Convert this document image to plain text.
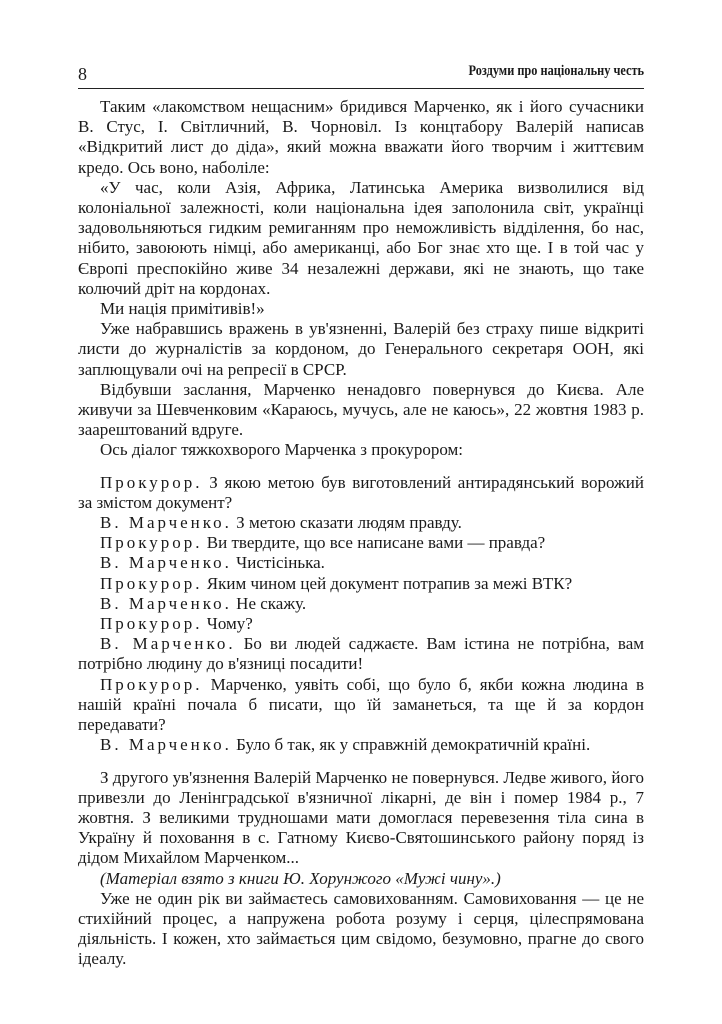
8	Роздуми про національну честь

Таким «лакомством нещасним» бридився Марченко, як і його сучасники В. Стус, І. Світличний, В. Чорновіл. Із концтабору Валерій написав «Відкритий лист до діда», який можна вважати його творчим і життєвим кредо. Ось воно, наболіле:

«У час, коли Азія, Африка, Латинська Америка визволилися від колоніальної залежності, коли національна ідея заполонила світ, українці задовольняються гидким ремиганням про неможливість відділення, бо нас, нібито, завоюють німці, або американці, або Бог знає хто ще. І в той час у Європі преспокійно живе 34 незалежні держави, які не знають, що таке колючий дріт на кордонах.

Ми нація примітивів!»

Уже набравшись вражень в ув'язненні, Валерій без страху пише відкриті листи до журналістів за кордоном, до Генерального секретаря ООН, які заплющували очі на репресії в СРСР.

Відбувши заслання, Марченко ненадовго повернувся до Києва. Але живучи за Шевченковим «Караюсь, мучусь, але не каюсь», 22 жовтня 1983 р. заарештований вдруге.

Ось діалог тяжкохворого Марченка з прокурором:

Прокурор. З якою метою був виготовлений антирадянський ворожий за змістом документ?

В. Марченко. З метою сказати людям правду.

Прокурор. Ви твердите, що все написане вами — правда?

В. Марченко. Чистісінька.

Прокурор. Яким чином цей документ потрапив за межі ВТК?

В. Марченко. Не скажу.

Прокурор. Чому?

В. Марченко. Бо ви людей саджаєте. Вам істина не потрібна, вам потрібно людину до в'язниці посадити!

Прокурор. Марченко, уявіть собі, що було б, якби кожна людина в нашій країні почала б писати, що їй заманеться, та ще й за кордон передавати?

В. Марченко. Було б так, як у справжній демократичній країні.

З другого ув'язнення Валерій Марченко не повернувся. Ледве живого, його привезли до Ленінградської в'язничної лікарні, де він і помер 1984 р., 7 жовтня. З великими трудношами мати домоглася перевезення тіла сина в Україну й поховання в с. Гатному Києво-Святошинського району поряд із дідом Михайлом Марченком...

(Матеріал взято з книги Ю. Хорунжого «Мужі чину».)

Уже не один рік ви займаєтесь самовихованням. Самовиховання — це не стихійний процес, а напружена робота розуму і серця, цілеспрямована діяльність. І кожен, хто займається цим свідомо, безумовно, прагне до свого ідеалу.
